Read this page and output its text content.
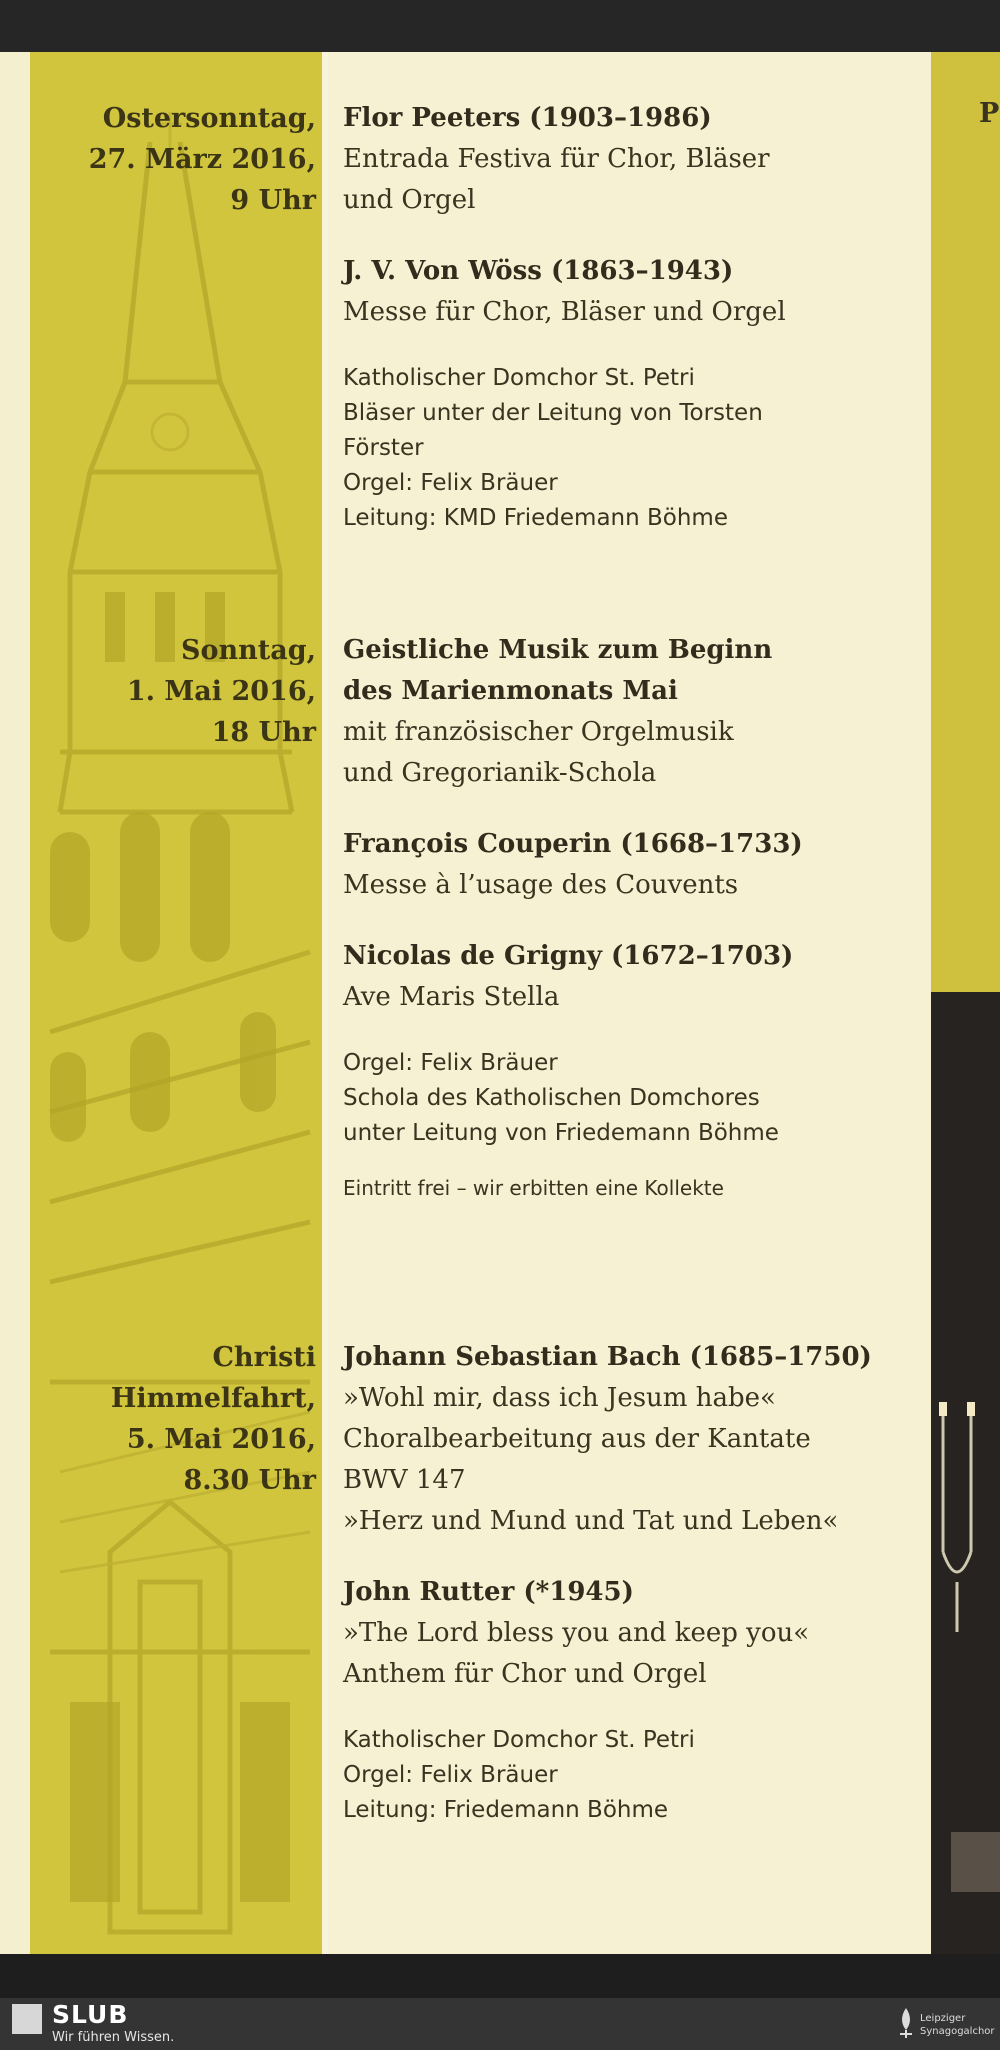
P
Ostersonntag,
27. März 2016,
9 Uhr
Flor Peeters (1903–1986)
Entrada Festiva für Chor, Bläser
und Orgel
J. V. Von Wöss (1863–1943)
Messe für Chor, Bläser und Orgel
Katholischer Domchor St. Petri
Bläser unter der Leitung von Torsten
Förster
Orgel: Felix Bräuer
Leitung: KMD Friedemann Böhme
Sonntag,
1. Mai 2016,
18 Uhr
Geistliche Musik zum Beginn
des Marienmonats Mai
mit französischer Orgelmusik
und Gregorianik-Schola
François Couperin (1668–1733)
Messe à l’usage des Couvents
Nicolas de Grigny (1672–1703)
Ave Maris Stella
Orgel: Felix Bräuer
Schola des Katholischen Domchores
unter Leitung von Friedemann Böhme
Eintritt frei – wir erbitten eine Kollekte
Christi
Himmelfahrt,
5. Mai 2016,
8.30 Uhr
Johann Sebastian Bach (1685–1750)
»Wohl mir, dass ich Jesum habe«
Choralbearbeitung aus der Kantate
BWV 147
»Herz und Mund und Tat und Leben«
John Rutter (*1945)
»The Lord bless you and keep you«
Anthem für Chor und Orgel
Katholischer Domchor St. Petri
Orgel: Felix Bräuer
Leitung: Friedemann Böhme
SLUB
Wir führen Wissen.
Leipziger
Synagogalchor
